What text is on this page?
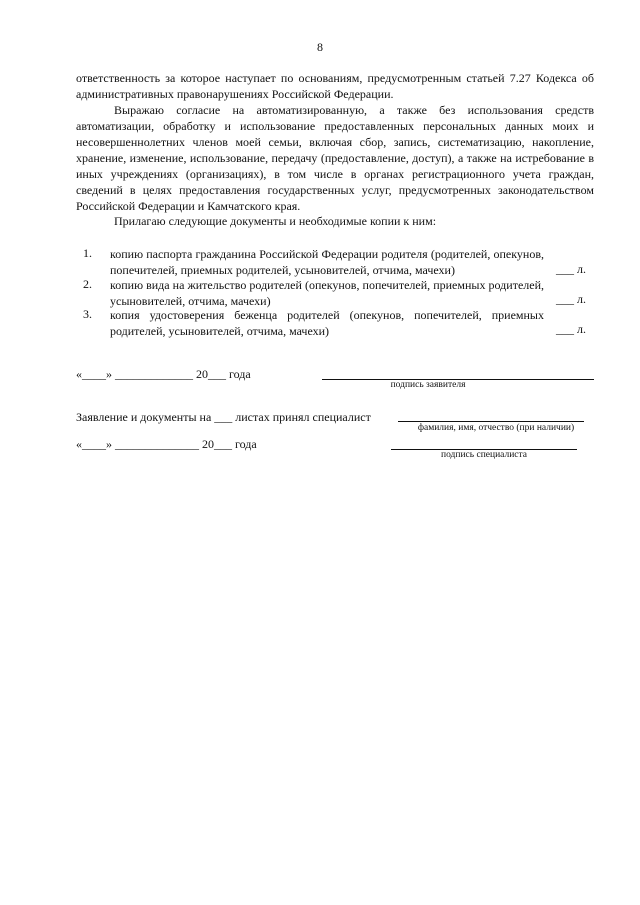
8

ответственность за которое наступает по основаниям, предусмотренным статьей 7.27 Кодекса об административных правонарушениях Российской Федерации.

Выражаю согласие на автоматизированную, а также без использования средств автоматизации, обработку и использование предоставленных персональных данных моих и несовершеннолетних членов моей семьи, включая сбор, запись, систематизацию, накопление, хранение, изменение, использование, передачу (предоставление, доступ), а также на истребование в иных учреждениях (организациях), в том числе в органах регистрационного учета граждан, сведений в целях предоставления государственных услуг, предусмотренных законодательством Российской Федерации и Камчатского края.

Прилагаю следующие документы и необходимые копии к ним:
1. копию паспорта гражданина Российской Федерации родителя (родителей, опекунов, попечителей, приемных родителей, усыновителей, отчима, мачехи)	___ л.
2. копию вида на жительство родителей (опекунов, попечителей, приемных родителей, усыновителей, отчима, мачехи)	___ л.
3. копия удостоверения беженца родителей (опекунов, попечителей, приемных родителей, усыновителей, отчима, мачехи)	___ л.
«____» _____________ 20___ года
подпись заявителя
Заявление и документы на ___ листах принял специалист
фамилия, имя, отчество (при наличии)
«____» ______________ 20___ года
подпись специалиста
